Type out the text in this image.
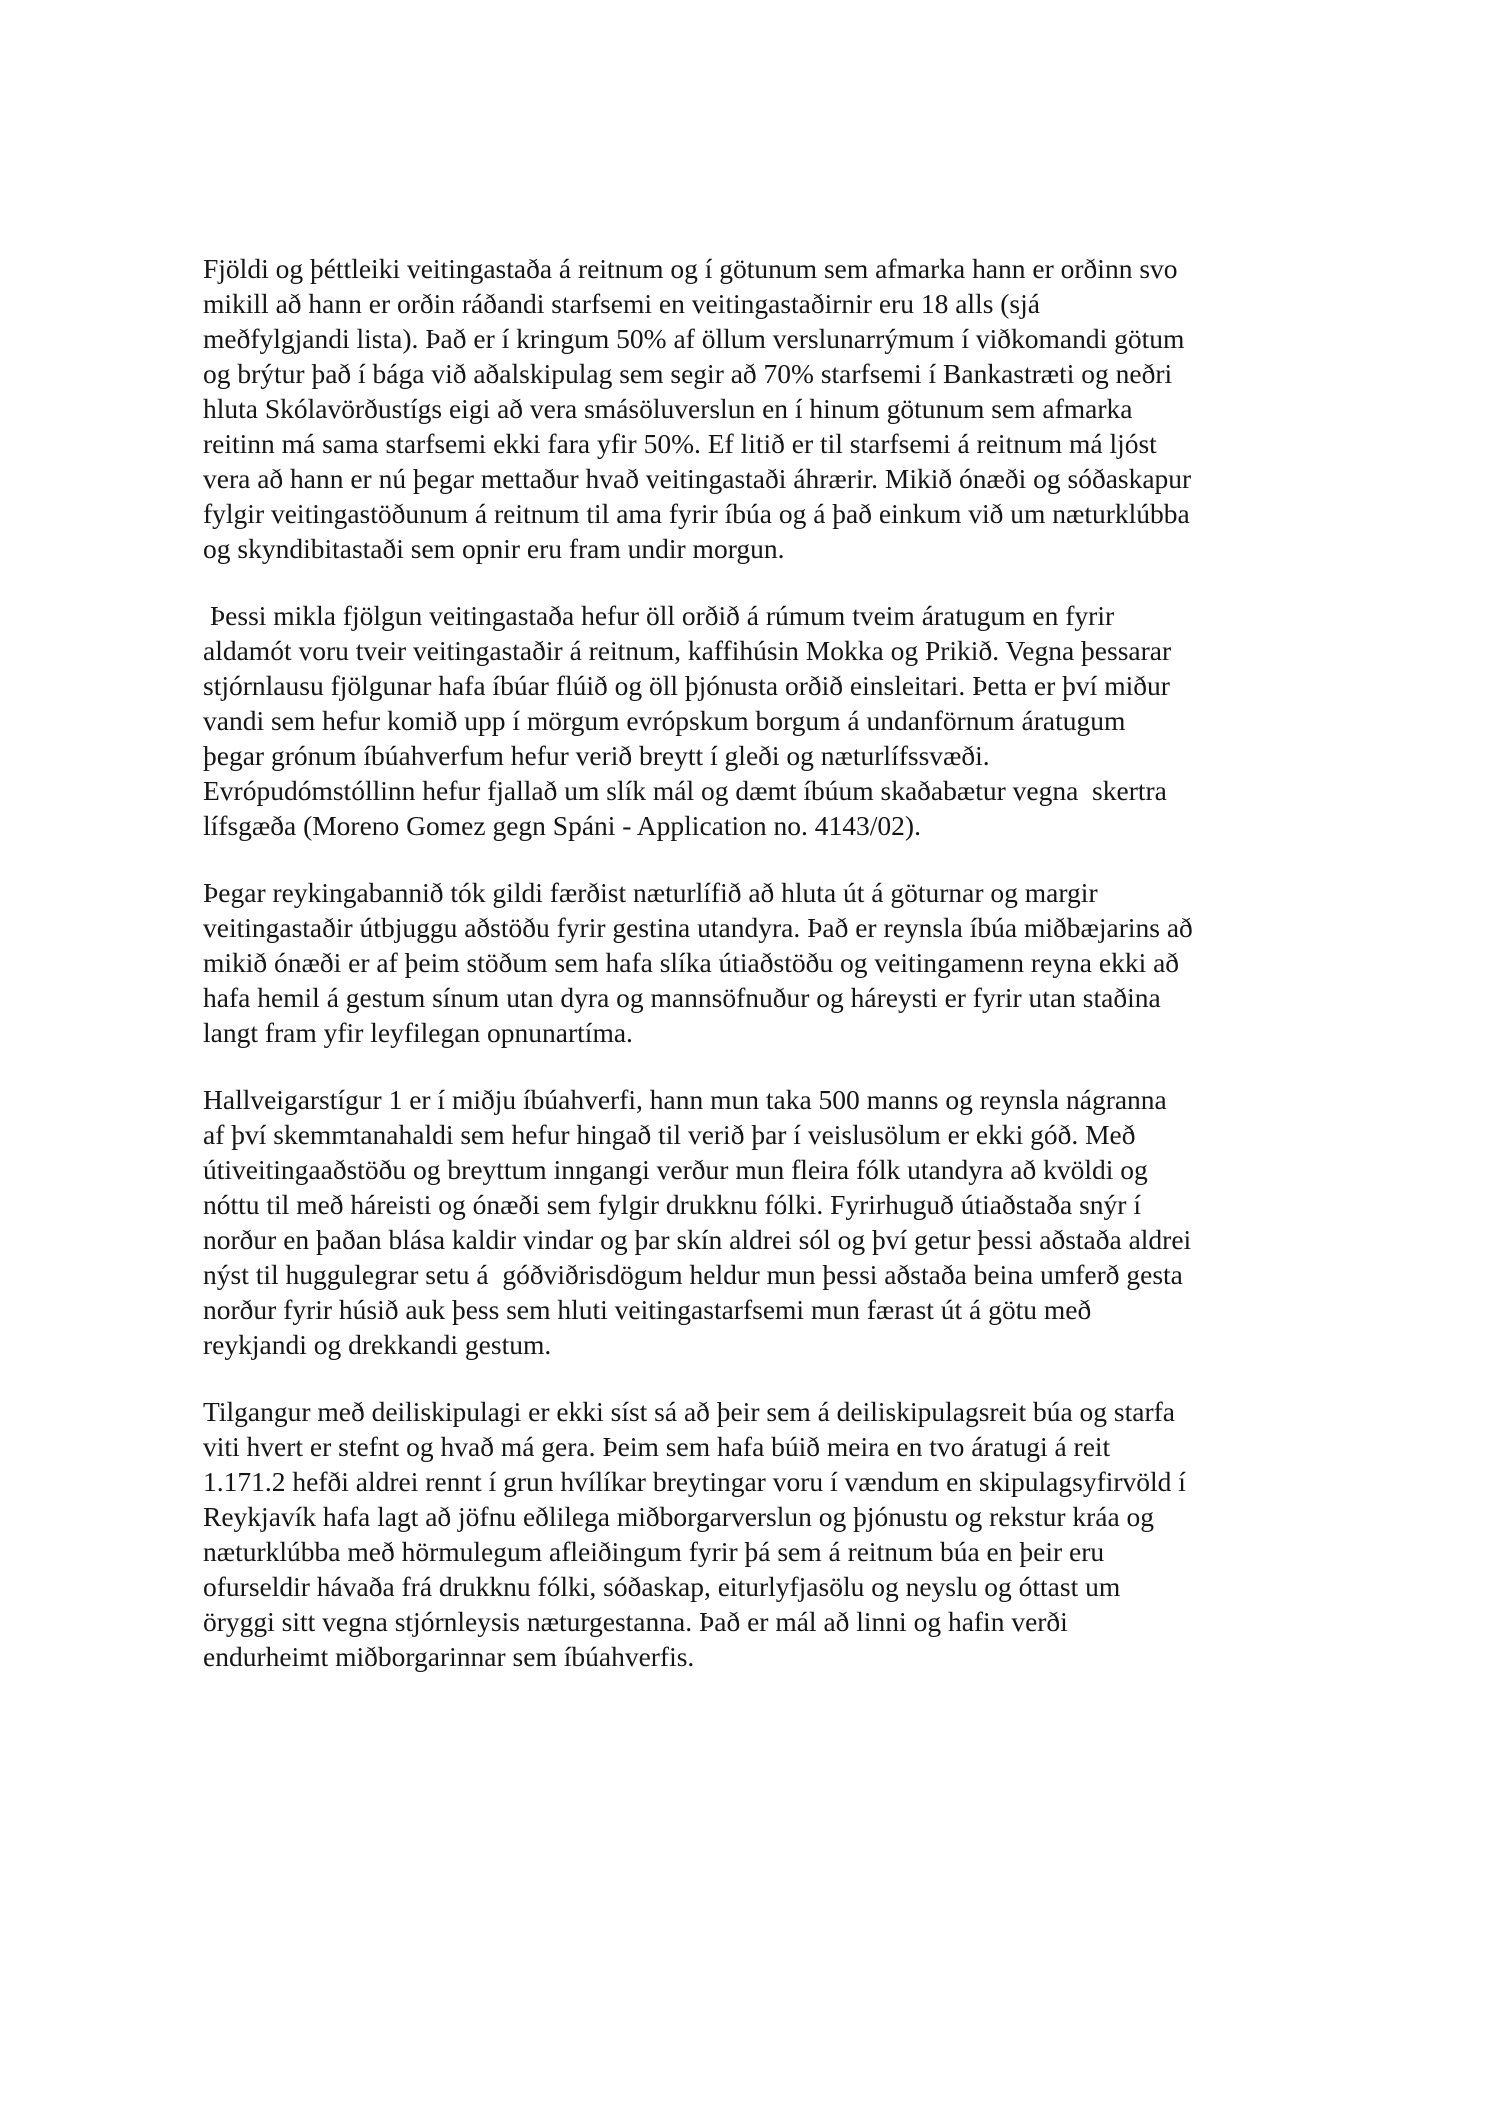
Fjöldi og þéttleiki veitingastaða á reitnum og í götunum sem afmarka hann er orðinn svo
mikill að hann er orðin ráðandi starfsemi en veitingastaðirnir eru 18 alls (sjá
meðfylgjandi lista). Það er í kringum 50% af öllum verslunarrýmum í viðkomandi götum
og brýtur það í bága við aðalskipulag sem segir að 70% starfsemi í Bankastræti og neðri
hluta Skólavörðustígs eigi að vera smásöluverslun en í hinum götunum sem afmarka
reitinn má sama starfsemi ekki fara yfir 50%. Ef litið er til starfsemi á reitnum má ljóst
vera að hann er nú þegar mettaður hvað veitingastaði áhrærir. Mikið ónæði og sóðaskapur
fylgir veitingastöðunum á reitnum til ama fyrir íbúa og á það einkum við um næturklúbba
og skyndibitastaði sem opnir eru fram undir morgun.
Þessi mikla fjölgun veitingastaða hefur öll orðið á rúmum tveim áratugum en fyrir
aldamót voru tveir veitingastaðir á reitnum, kaffihúsin Mokka og Prikið. Vegna þessarar
stjórnlausu fjölgunar hafa íbúar flúið og öll þjónusta orðið einsleitari. Þetta er því miður
vandi sem hefur komið upp í mörgum evrópskum borgum á undanförnum áratugum
þegar grónum íbúahverfum hefur verið breytt í gleði og næturlífssvæði.
Evrópudómstóllinn hefur fjallað um slík mál og dæmt íbúum skaðabætur vegna  skertra
lífsgæða (Moreno Gomez gegn Spáni - Application no. 4143/02).
Þegar reykingabannið tók gildi færðist næturlífið að hluta út á göturnar og margir
veitingastaðir útbjuggu aðstöðu fyrir gestina utandyra. Það er reynsla íbúa miðbæjarins að
mikið ónæði er af þeim stöðum sem hafa slíka útiaðstöðu og veitingamenn reyna ekki að
hafa hemil á gestum sínum utan dyra og mannsöfnuður og háreysti er fyrir utan staðina
langt fram yfir leyfilegan opnunartíma.
Hallveigarstígur 1 er í miðju íbúahverfi, hann mun taka 500 manns og reynsla nágranna
af því skemmtanahaldi sem hefur hingað til verið þar í veislusölum er ekki góð. Með
útiveitingaaðstöðu og breyttum inngangi verður mun fleira fólk utandyra að kvöldi og
nóttu til með háreisti og ónæði sem fylgir drukknu fólki. Fyrirhuguð útiaðstaða snýr í
norður en þaðan blása kaldir vindar og þar skín aldrei sól og því getur þessi aðstaða aldrei
nýst til huggulegrar setu á  góðviðrisdögum heldur mun þessi aðstaða beina umferð gesta
norður fyrir húsið auk þess sem hluti veitingastarfsemi mun færast út á götu með
reykjandi og drekkandi gestum.
Tilgangur með deiliskipulagi er ekki síst sá að þeir sem á deiliskipulagsreit búa og starfa
viti hvert er stefnt og hvað má gera. Þeim sem hafa búið meira en tvo áratugi á reit
1.171.2 hefði aldrei rennt í grun hvílíkar breytingar voru í vændum en skipulagsyfirvöld í
Reykjavík hafa lagt að jöfnu eðlilega miðborgarverslun og þjónustu og rekstur kráa og
næturklúbba með hörmulegum afleiðingum fyrir þá sem á reitnum búa en þeir eru
ofurseldir hávaða frá drukknu fólki, sóðaskap, eiturlyfjasölu og neyslu og óttast um
öryggi sitt vegna stjórnleysis næturgestanna. Það er mál að linni og hafin verði
endurheimt miðborgarinnar sem íbúahverfis.
